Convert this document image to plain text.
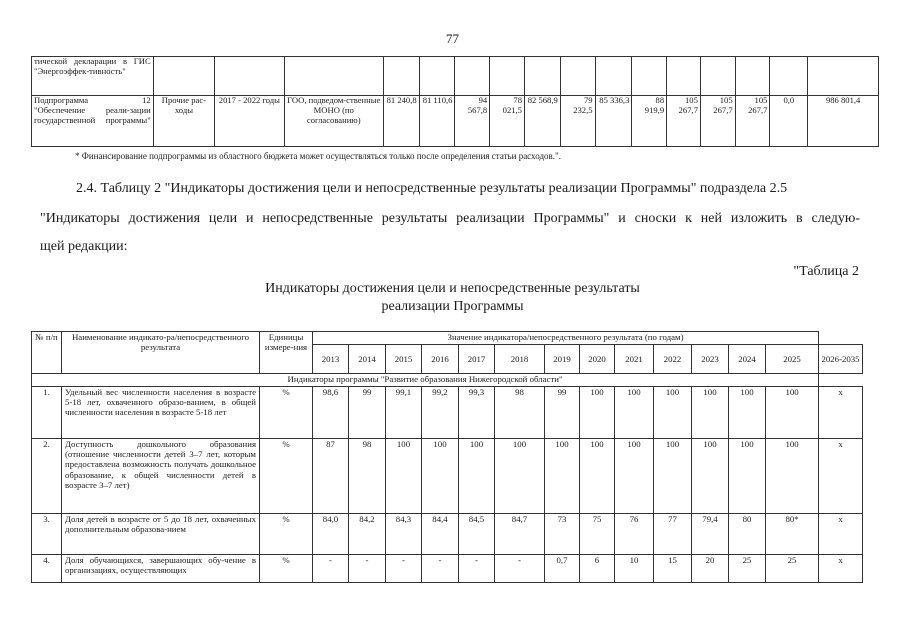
77
тической декларации в ГИС "Энергоэффек-тивность"																
Подпрограмма 12 "Обеспечение реали-зации государственной программы"	Прочие рас-ходы	2017 - 2022 годы	ГОО, подведом-ственные МОНО (по согласованию)	81 240,8	81 110,6	94 567,8	78 021,5	82 568,9	79 232,5	85 336,3	88 919,9	105 267,7	105 267,7	105 267,7	0,0	986 801,4
* Финансирование подпрограммы из областного бюджета может осуществляться только после определения статьи расходов.".
2.4. Таблицу 2 "Индикаторы достижения цели и непосредственные результаты реализации Программы" подраздела 2.5
"Индикаторы достижения цели и непосредственные результаты реализации Программы" и сноски к ней изложить в следую-
щей редакции:
"Таблица 2
Индикаторы достижения цели и непосредственные результаты
реализации Программы
№ п/п	Наименование индикато-ра/непосредственного результата	Единицы измере-ния	Значение индикатора/непосредственного результата (по годам)													
			2013	2014	2015	2016	2017	2018	2019	2020	2021	2022	2023	2024	2025	2026-2035
Индикаторы программы "Развитие образования Нижегородской области"																
1.	Удельный вес численности населения в возрасте 5-18 лет, охваченного образо-ванием, в общей численности населения в возрасте 5-18 лет	%	98,6	99	99,1	99,2	99,3	98	99	100	100	100	100	100	100	x
2.	Доступность дошкольного образования (отношение численности детей 3–7 лет, которым предоставлена возможность получать дошкольное образование, к общей численности детей в возрасте 3–7 лет)	%	87	98	100	100	100	100	100	100	100	100	100	100	100	x
3.	Доля детей в возрасте от 5 до 18 лет, охваченных дополнительным образова-нием	%	84,0	84,2	84,3	84,4	84,5	84,7	73	75	76	77	79,4	80	80*	x
4.	Доля обучающихся, завершающих обу-чение в организациях, осуществляющих	%	-	-	-	-	-	-	0,7	6	10	15	20	25	25	x
